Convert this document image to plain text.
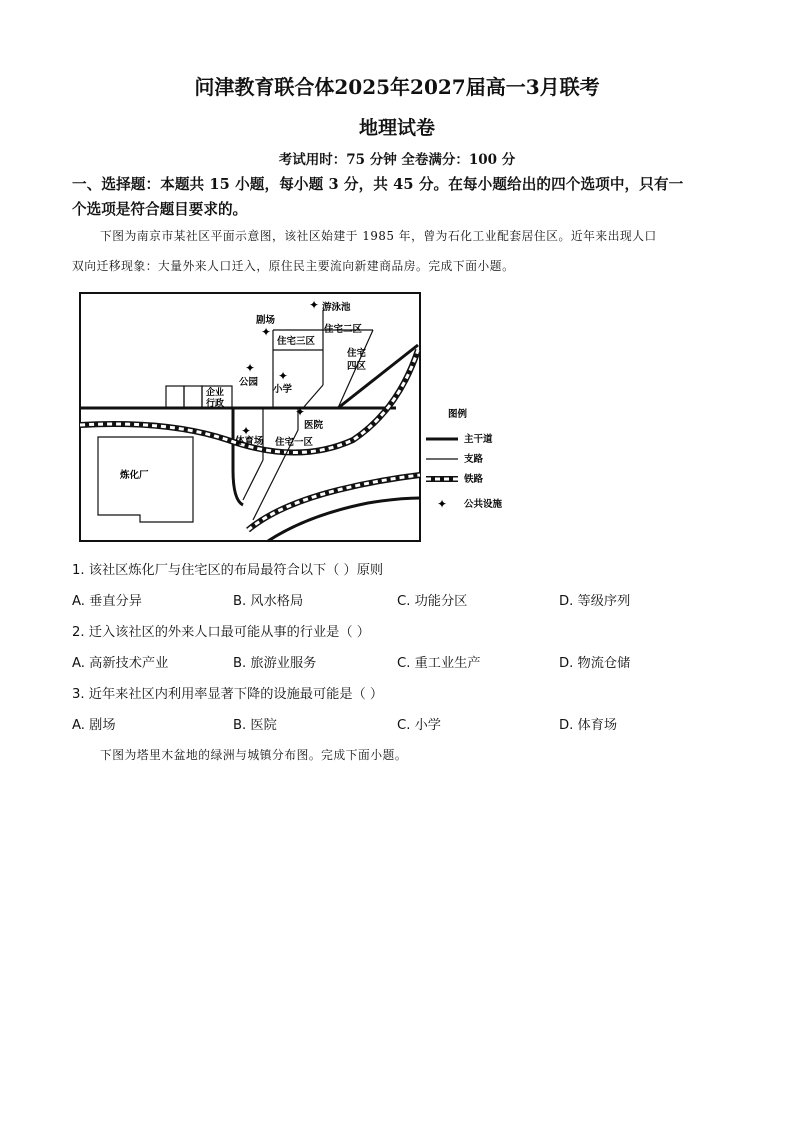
问津教育联合体2025年2027届高一3月联考
地理试卷
考试用时：75 分钟 全卷满分：100 分
一、选择题：本题共 15 小题，每小题 3 分，共 45 分。在每小题给出的四个选项中，只有一
个选项是符合题目要求的。
下图为南京市某社区平面示意图，该社区始建于 1985 年，曾为石化工业配套居住区。近年来出现人口
双向迁移现象：大量外来人口迁入，原住民主要流向新建商品房。完成下面小题。
✦
✦
✦
✦
✦
✦
游泳池
剧场
住宅二区
住宅三区
住宅
四区
公园
小学
企业
行政
医院
体育场 住宅一区
炼化厂
图例
主干道
支路
铁路
✦ 公共设施
1. 该社区炼化厂与住宅区的布局最符合以下（ ）原则
A. 垂直分异	B. 风水格局	C. 功能分区	D. 等级序列
2. 迁入该社区的外来人口最可能从事的行业是（ ）
A. 高新技术产业	B. 旅游业服务	C. 重工业生产	D. 物流仓储
3. 近年来社区内利用率显著下降的设施最可能是（ ）
A. 剧场	B. 医院	C. 小学	D. 体育场
下图为塔里木盆地的绿洲与城镇分布图。完成下面小题。
